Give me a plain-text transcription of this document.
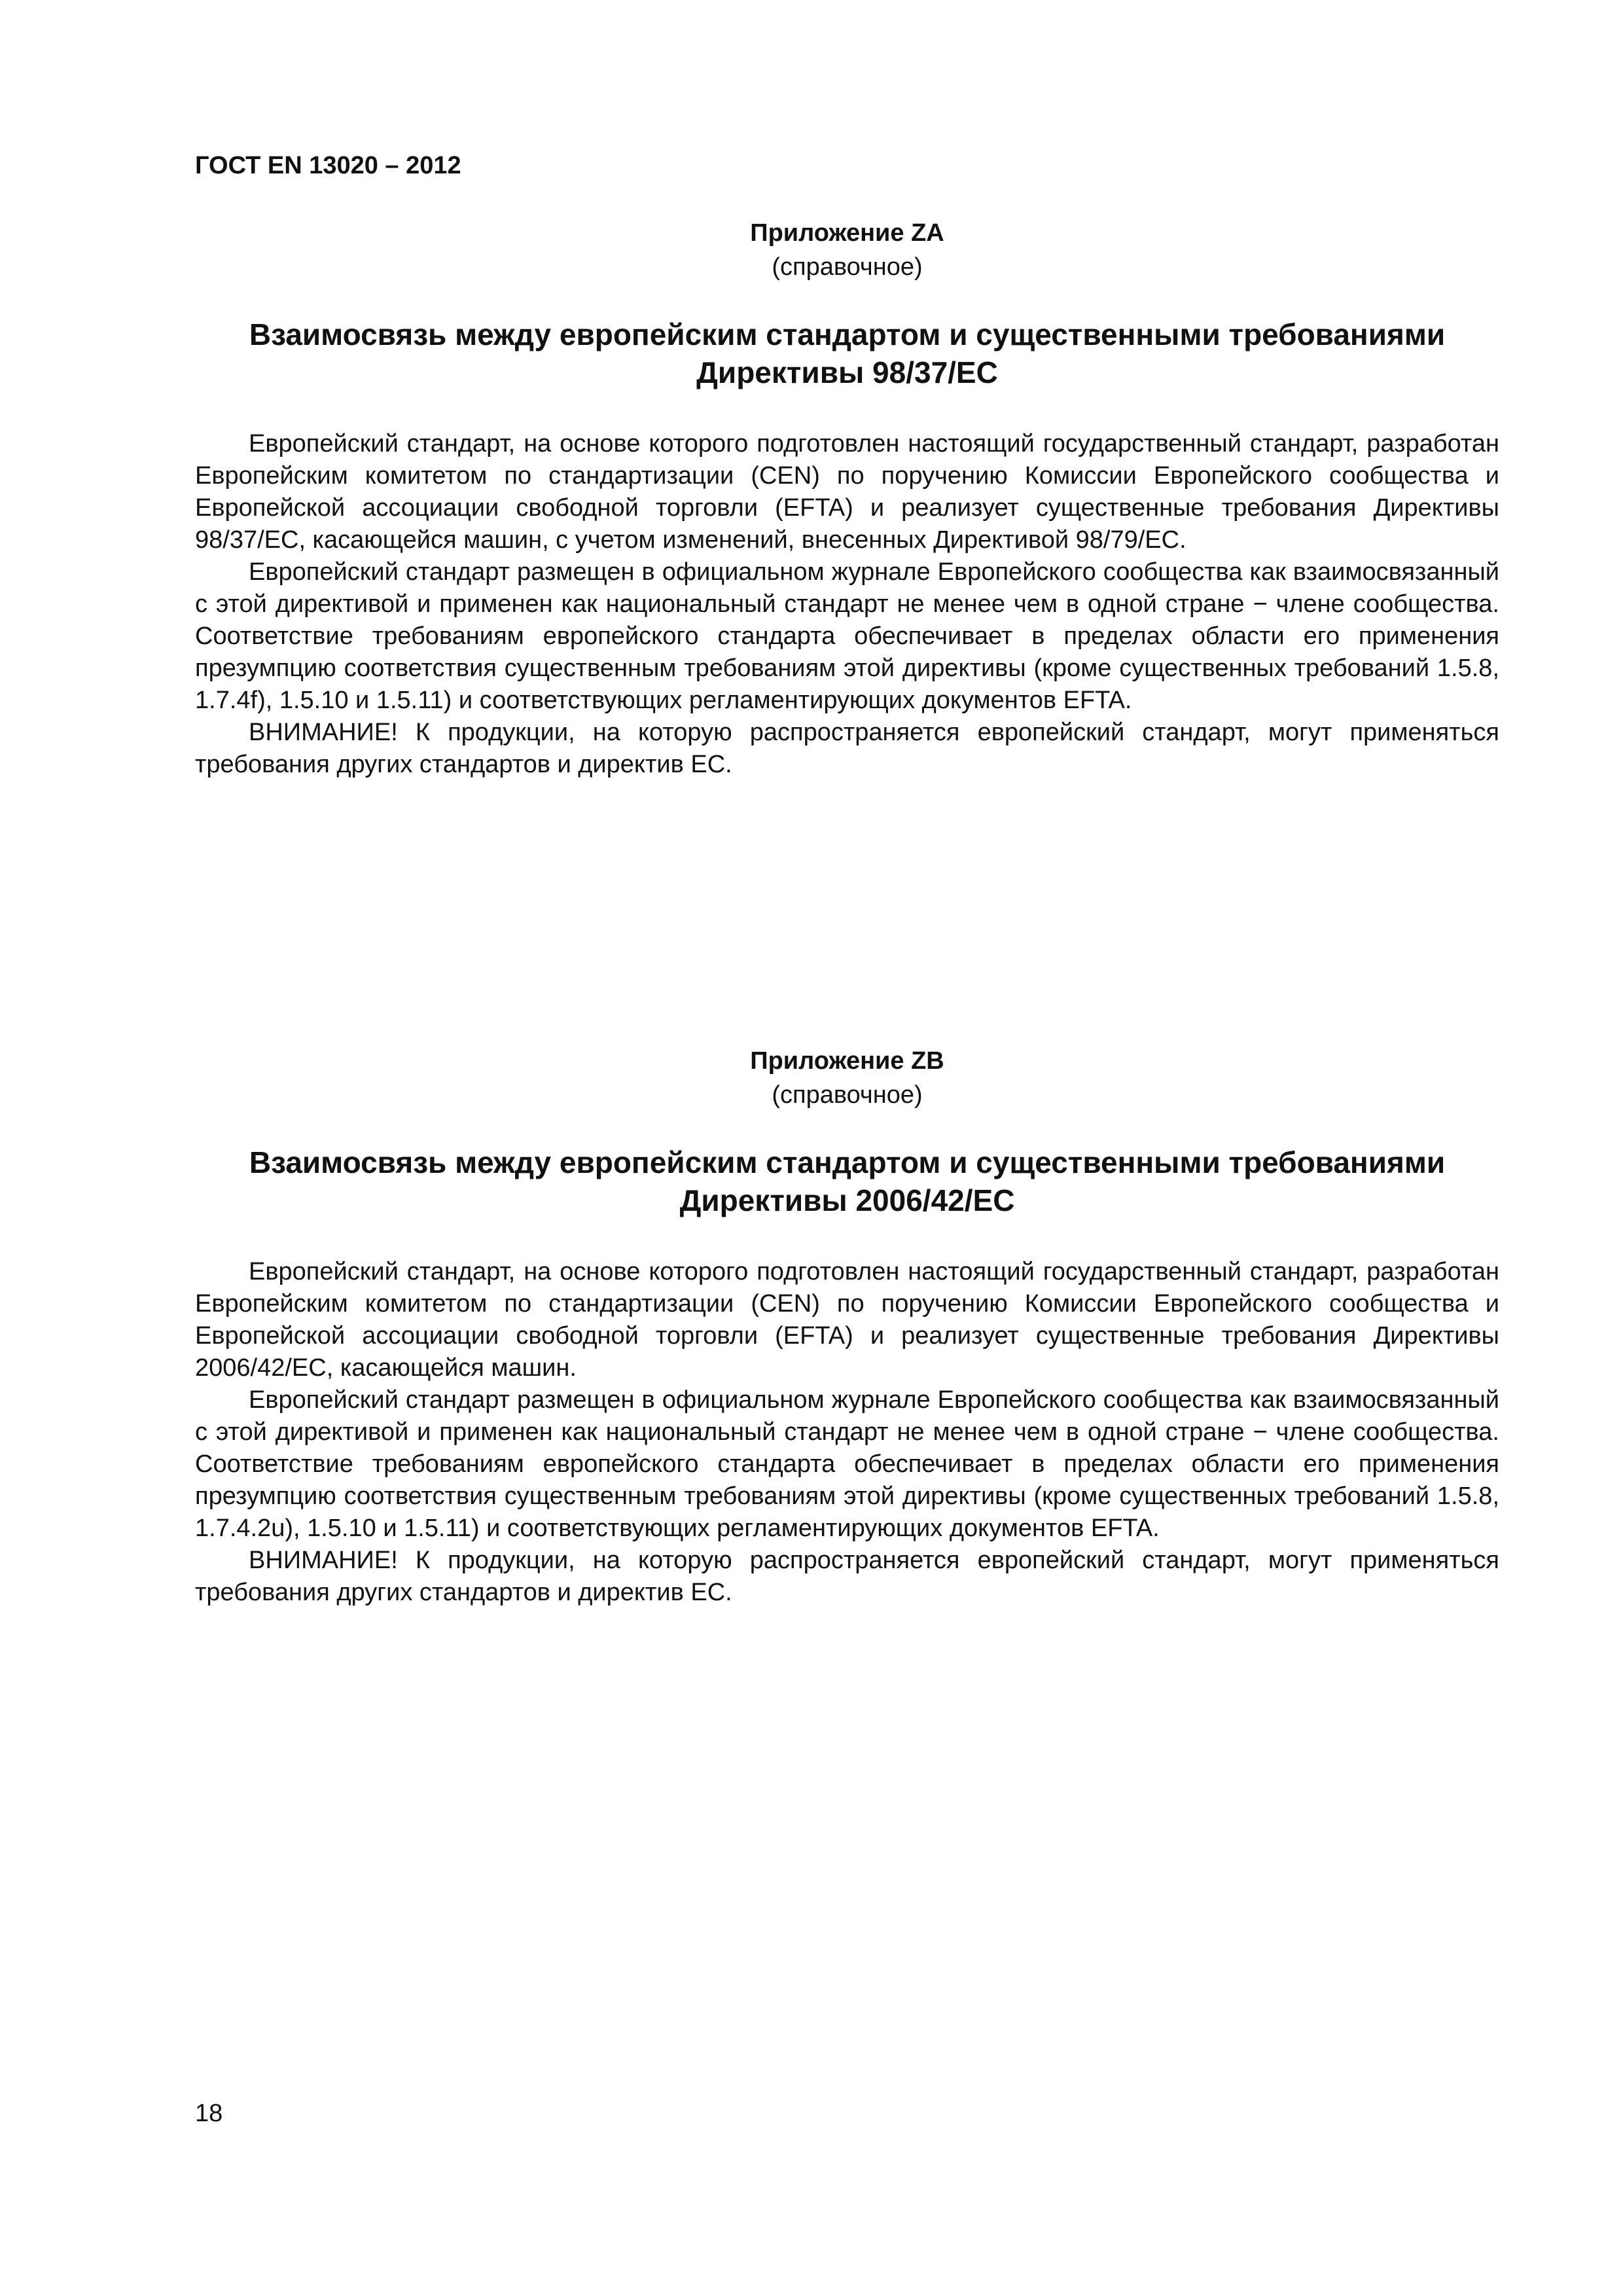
ГОСТ EN 13020 – 2012

Приложение ZA

(справочное)

Взаимосвязь между европейским стандартом и существенными требованиями
Директивы 98/37/EC

Европейский стандарт, на основе которого подготовлен настоящий государственный стандарт, разработан Европейским комитетом по стандартизации (CEN) по поручению Комиссии Европейского сообщества и Европейской ассоциации свободной торговли (EFTA) и реализует существенные требования Директивы 98/37/EC, касающейся машин, с учетом изменений, внесенных Директивой 98/79/EC.

Европейский стандарт размещен в официальном журнале Европейского сообщества как взаимосвязанный с этой директивой и применен как национальный стандарт не менее чем в одной стране − члене сообщества. Соответствие требованиям европейского стандарта обеспечивает в пределах области его применения презумпцию соответствия существенным требованиям этой директивы (кроме существенных требований 1.5.8, 1.7.4f), 1.5.10 и 1.5.11) и соответствующих регламентирующих документов EFTA.

ВНИМАНИЕ! К продукции, на которую распространяется европейский стандарт, могут применяться требования других стандартов и директив ЕС.

Приложение ZB

(справочное)

Взаимосвязь между европейским стандартом и существенными требованиями
Директивы 2006/42/EC

Европейский стандарт, на основе которого подготовлен настоящий государственный стандарт, разработан Европейским комитетом по стандартизации (CEN) по поручению Комиссии Европейского сообщества и Европейской ассоциации свободной торговли (EFTA) и реализует существенные требования Директивы 2006/42/EC, касающейся машин.

Европейский стандарт размещен в официальном журнале Европейского сообщества как взаимосвязанный с этой директивой и применен как национальный стандарт не менее чем в одной стране − члене сообщества. Соответствие требованиям европейского стандарта обеспечивает в пределах области его применения презумпцию соответствия существенным требованиям этой директивы (кроме существенных требований 1.5.8, 1.7.4.2u), 1.5.10 и 1.5.11) и соответствующих регламентирующих документов EFTA.

ВНИМАНИЕ! К продукции, на которую распространяется европейский стандарт, могут применяться требования других стандартов и директив ЕС.

18
